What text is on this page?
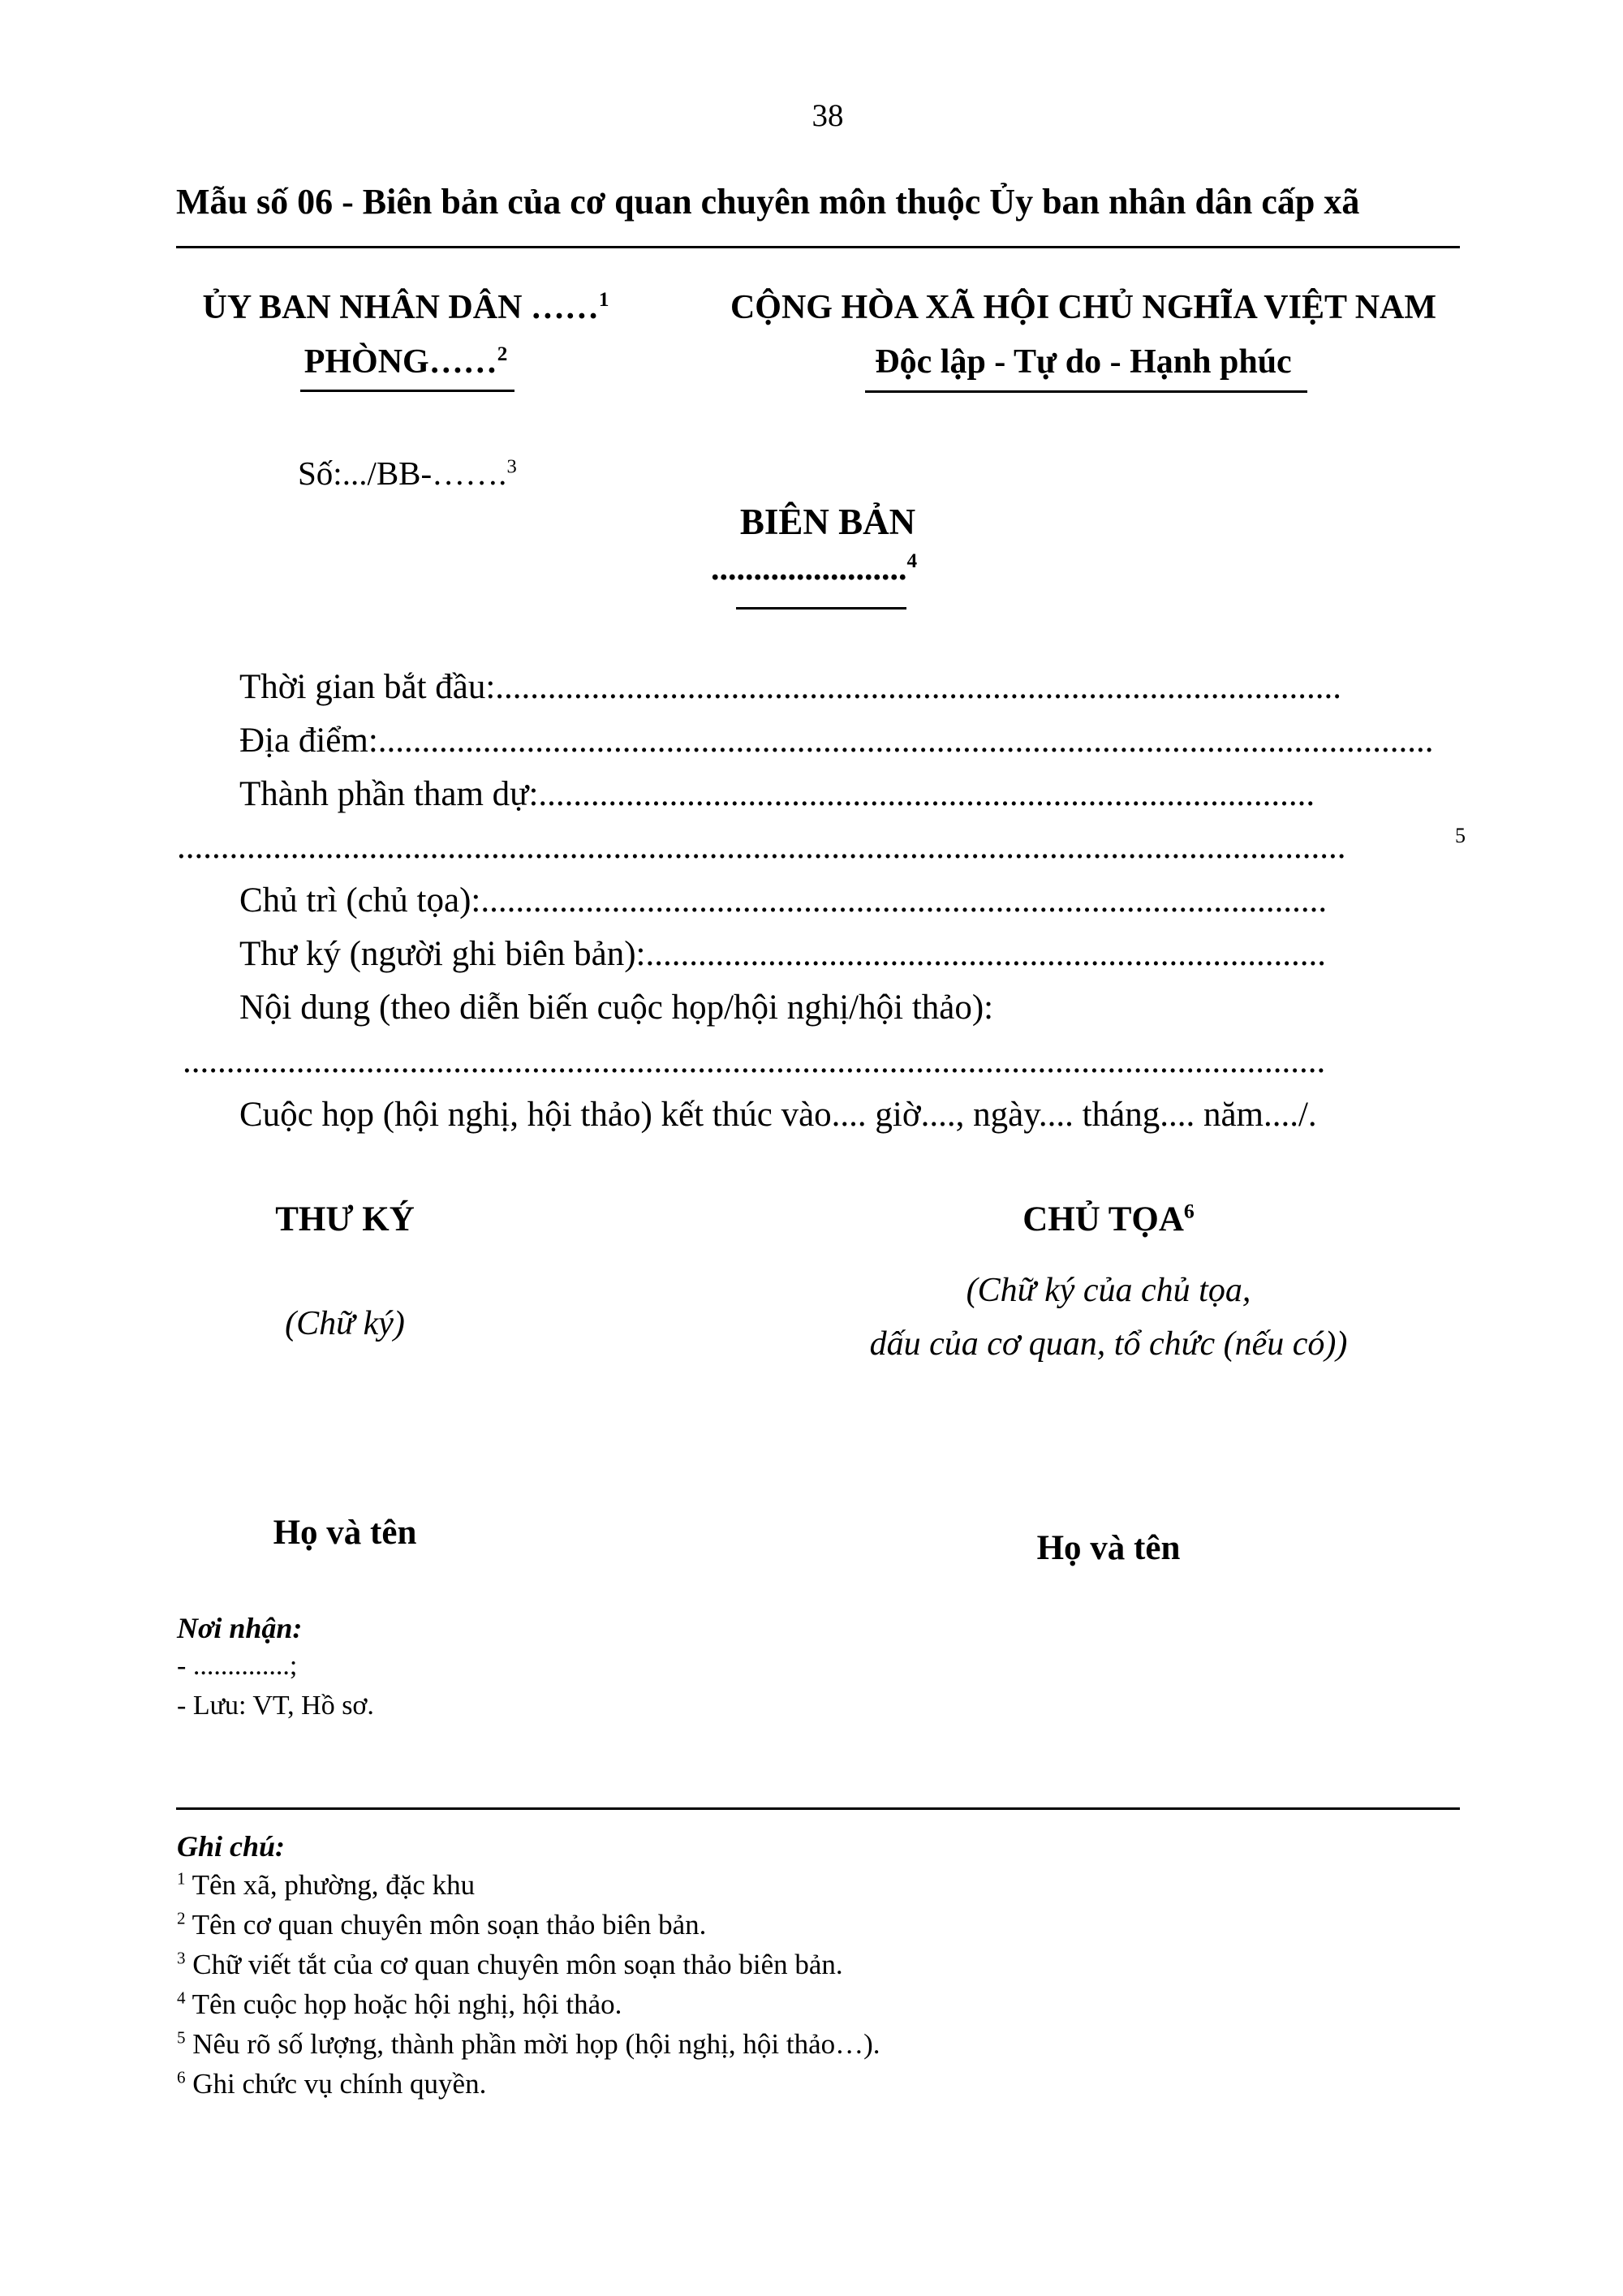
38
Mẫu số 06 - Biên bản của cơ quan chuyên môn thuộc Ủy ban nhân dân cấp xã
ỦY BAN NHÂN DÂN ……$^1$
PHÒNG……$^2$
CỘNG HÒA XÃ HỘI CHỦ NGHĨA VIỆT NAM
Độc lập - Tự do - Hạnh phúc
Số:.../BB-…….$^3$
BIÊN BẢN
.......................$^4$
Thời gian bắt đầu:.................................................................................................
Địa điểm:.........................................................................................................................
Thành phần tham dự:.........................................................................................
......................................................................................................................................	5
Chủ trì (chủ tọa):.................................................................................................
Thư ký (người ghi biên bản):..............................................................................
Nội dung (theo diễn biến cuộc họp/hội nghị/hội thảo):
...................................................................................................................................
Cuộc họp (hội nghị, hội thảo) kết thúc vào.... giờ...., ngày.... tháng.... năm..../.
THƯ KÝ
(Chữ ký)
Họ và tên
CHỦ TỌA$^6$
(Chữ ký của chủ tọa,
dấu của cơ quan, tổ chức (nếu có))
Họ và tên
Nơi nhận:
- ..............;
- Lưu: VT, Hồ sơ.
Ghi chú:
$^1$ Tên xã, phường, đặc khu
$^2$ Tên cơ quan chuyên môn soạn thảo biên bản.
$^3$ Chữ viết tắt của cơ quan chuyên môn soạn thảo biên bản.
$^4$ Tên cuộc họp hoặc hội nghị, hội thảo.
$^5$ Nêu rõ số lượng, thành phần mời họp (hội nghị, hội thảo…).
$^6$ Ghi chức vụ chính quyền.
